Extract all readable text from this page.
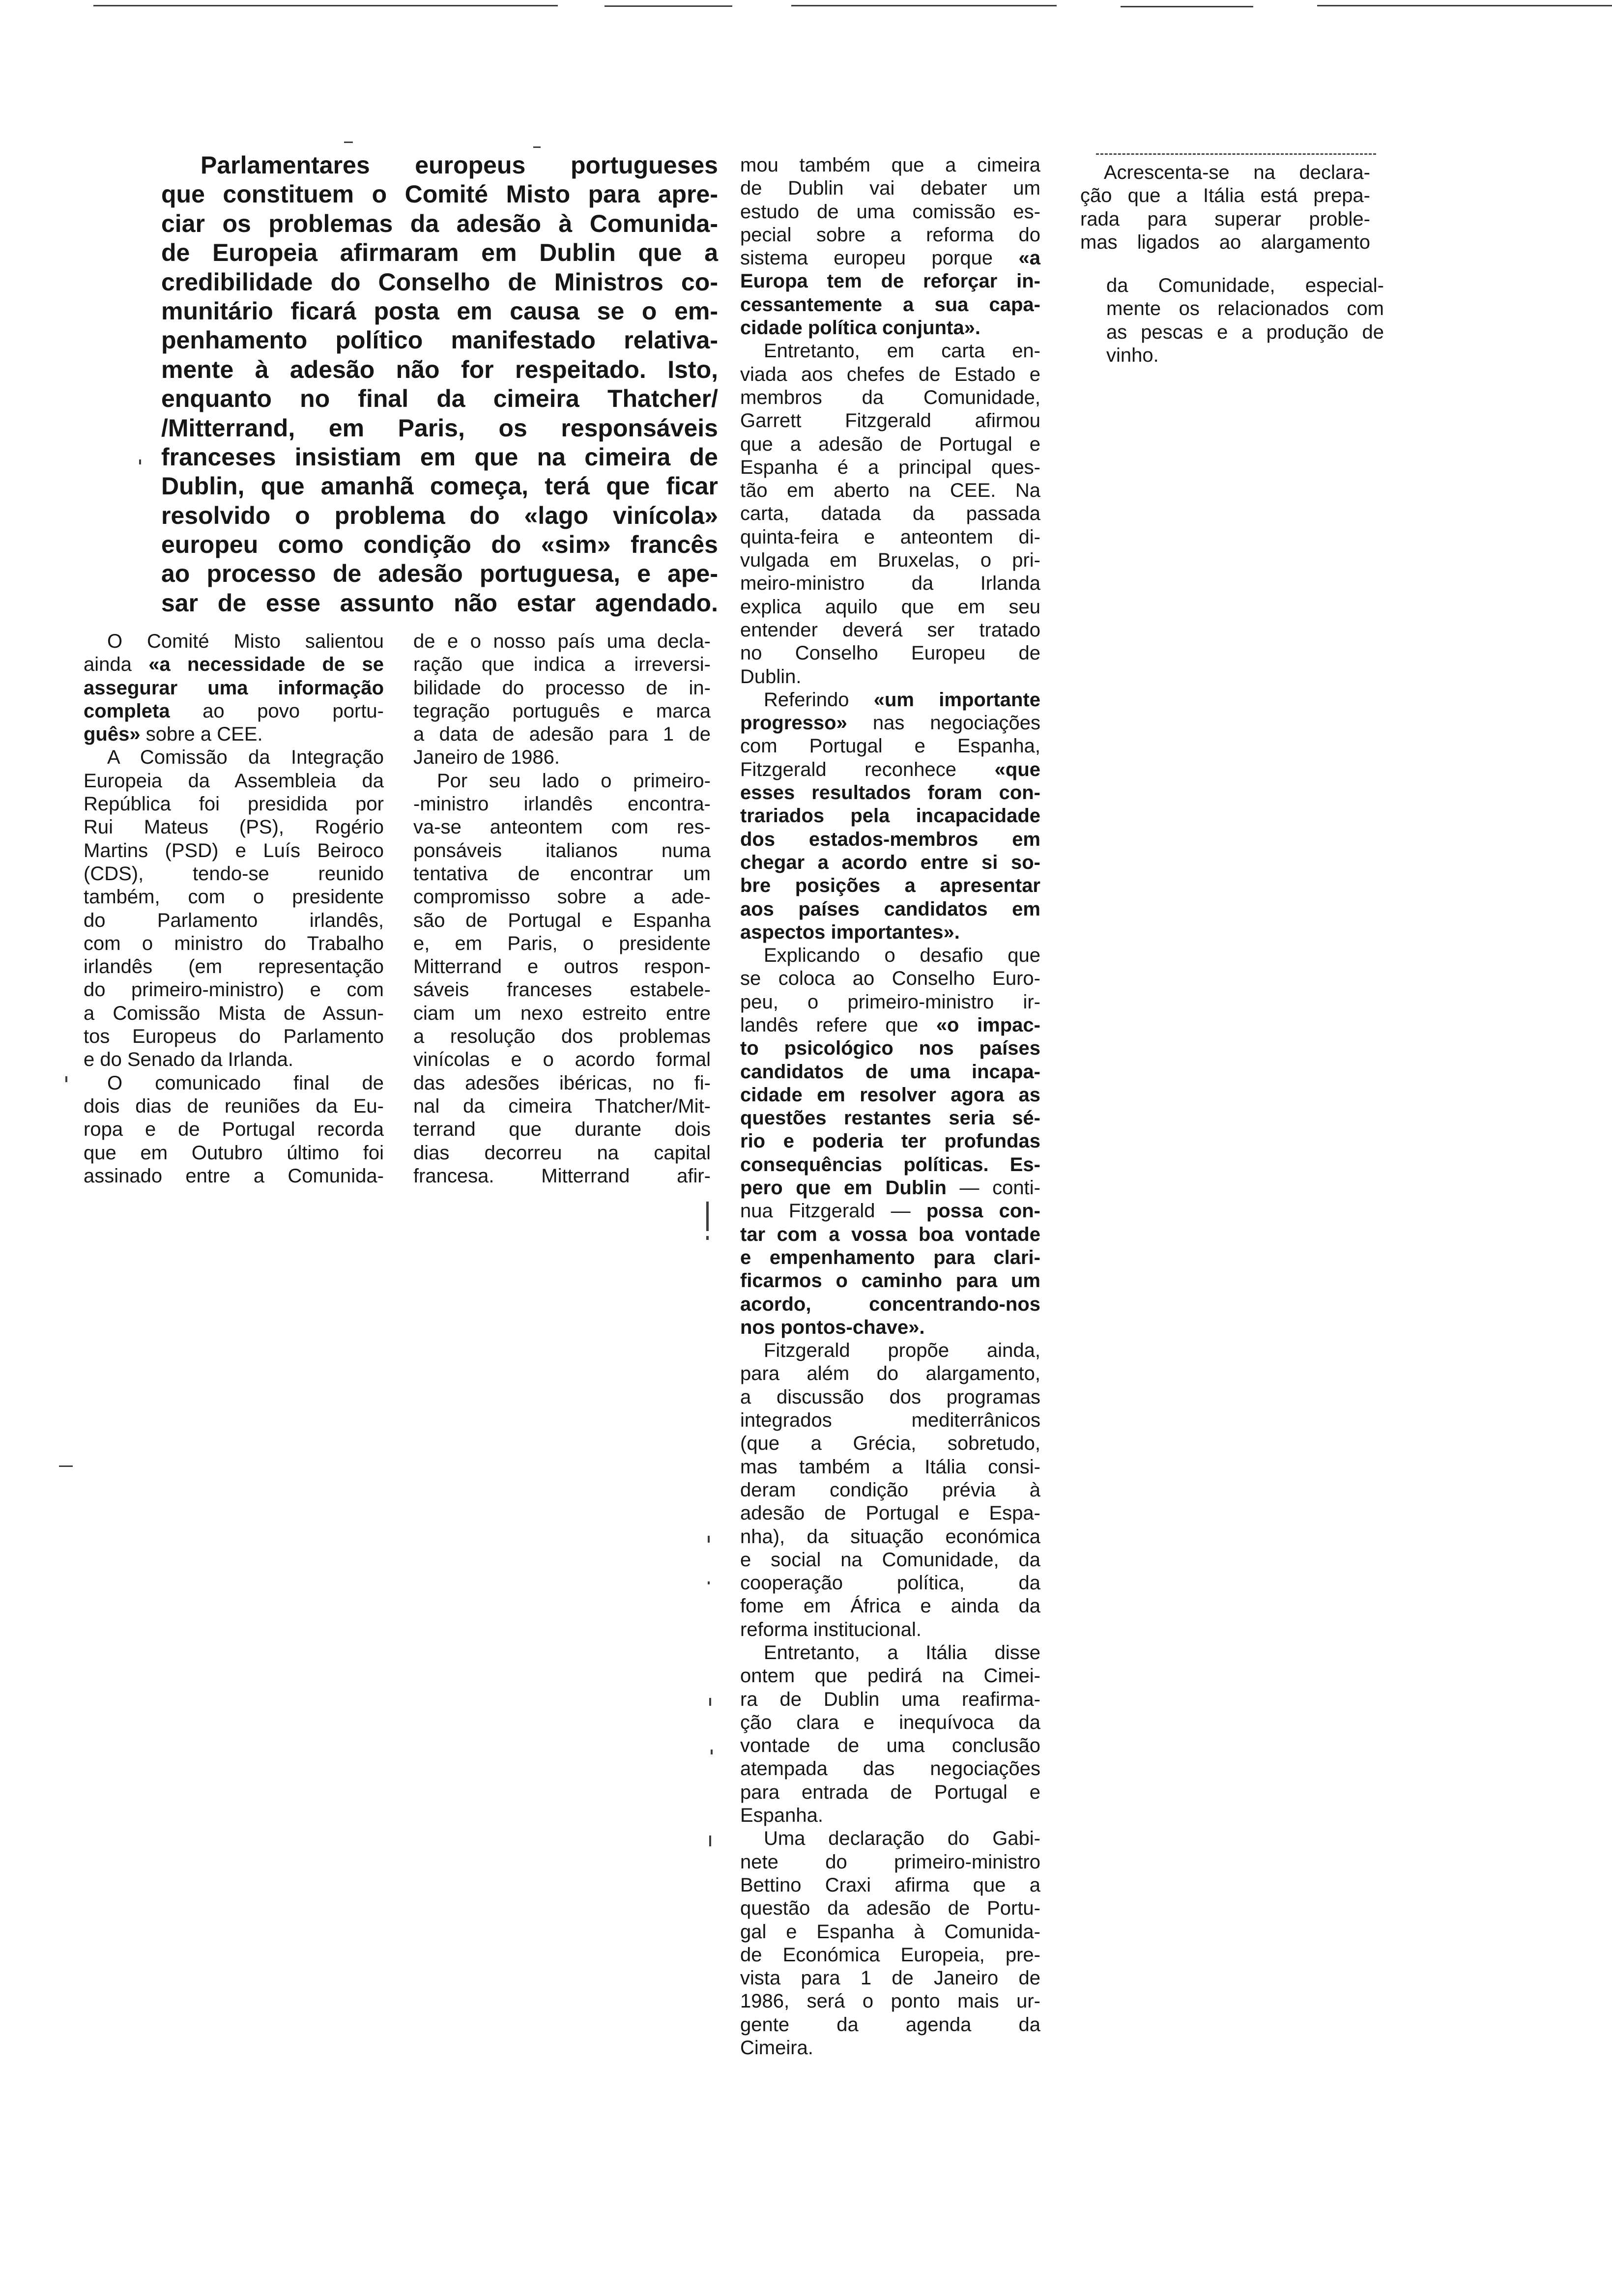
Parlamentares europeus portugueses
que constituem o Comité Misto para apre-
ciar os problemas da adesão à Comunida-
de Europeia afirmaram em Dublin que a
credibilidade do Conselho de Ministros co-
munitário ficará posta em causa se o em-
penhamento político manifestado relativa-
mente à adesão não for respeitado. Isto,
enquanto no final da cimeira Thatcher/
/Mitterrand, em Paris, os responsáveis
franceses insistiam em que na cimeira de
Dublin, que amanhã começa, terá que ficar
resolvido o problema do «lago vinícola»
europeu como condição do «sim» francês
ao processo de adesão portuguesa, e ape-
sar de esse assunto não estar agendado.
O Comité Misto salientou
ainda «a necessidade de se
assegurar uma informação
completa ao povo portu-
guês» sobre a CEE.
A Comissão da Integração
Europeia da Assembleia da
República foi presidida por
Rui Mateus (PS), Rogério
Martins (PSD) e Luís Beiroco
(CDS), tendo-se reunido
também, com o presidente
do Parlamento irlandês,
com o ministro do Trabalho
irlandês (em representação
do primeiro-ministro) e com
a Comissão Mista de Assun-
tos Europeus do Parlamento
e do Senado da Irlanda.
O comunicado final de
dois dias de reuniões da Eu-
ropa e de Portugal recorda
que em Outubro último foi
assinado entre a Comunida-
de e o nosso país uma decla-
ração que indica a irreversi-
bilidade do processo de in-
tegração português e marca
a data de adesão para 1 de
Janeiro de 1986.
Por seu lado o primeiro-
-ministro irlandês encontra-
va-se anteontem com res-
ponsáveis italianos numa
tentativa de encontrar um
compromisso sobre a ade-
são de Portugal e Espanha
e, em Paris, o presidente
Mitterrand e outros respon-
sáveis franceses estabele-
ciam um nexo estreito entre
a resolução dos problemas
vinícolas e o acordo formal
das adesões ibéricas, no fi-
nal da cimeira Thatcher/Mit-
terrand que durante dois
dias decorreu na capital
francesa. Mitterrand afir-
mou também que a cimeira
de Dublin vai debater um
estudo de uma comissão es-
pecial sobre a reforma do
sistema europeu porque «a
Europa tem de reforçar in-
cessantemente a sua capa-
cidade política conjunta».
Entretanto, em carta en-
viada aos chefes de Estado e
membros da Comunidade,
Garrett Fitzgerald afirmou
que a adesão de Portugal e
Espanha é a principal ques-
tão em aberto na CEE. Na
carta, datada da passada
quinta-feira e anteontem di-
vulgada em Bruxelas, o pri-
meiro-ministro da Irlanda
explica aquilo que em seu
entender deverá ser tratado
no Conselho Europeu de
Dublin.
Referindo «um importante
progresso» nas negociações
com Portugal e Espanha,
Fitzgerald reconhece «que
esses resultados foram con-
trariados pela incapacidade
dos estados-membros em
chegar a acordo entre si so-
bre posições a apresentar
aos países candidatos em
aspectos importantes».
Explicando o desafio que
se coloca ao Conselho Euro-
peu, o primeiro-ministro ir-
landês refere que «o impac-
to psicológico nos países
candidatos de uma incapa-
cidade em resolver agora as
questões restantes seria sé-
rio e poderia ter profundas
consequências políticas. Es-
pero que em Dublin — conti-
nua Fitzgerald — possa con-
tar com a vossa boa vontade
e empenhamento para clari-
ficarmos o caminho para um
acordo, concentrando-nos
nos pontos-chave».
Fitzgerald propõe ainda,
para além do alargamento,
a discussão dos programas
integrados mediterrânicos
(que a Grécia, sobretudo,
mas também a Itália consi-
deram condição prévia à
adesão de Portugal e Espa-
nha), da situação económica
e social na Comunidade, da
cooperação política, da
fome em África e ainda da
reforma institucional.
Entretanto, a Itália disse
ontem que pedirá na Cimei-
ra de Dublin uma reafirma-
ção clara e inequívoca da
vontade de uma conclusão
atempada das negociações
para entrada de Portugal e
Espanha.
Uma declaração do Gabi-
nete do primeiro-ministro
Bettino Craxi afirma que a
questão da adesão de Portu-
gal e Espanha à Comunida-
de Económica Europeia, pre-
vista para 1 de Janeiro de
1986, será o ponto mais ur-
gente da agenda da
Cimeira.
Acrescenta-se na declara-
ção que a Itália está prepa-
rada para superar proble-
mas ligados ao alargamento
da Comunidade, especial-
mente os relacionados com
as pescas e a produção de
vinho.
